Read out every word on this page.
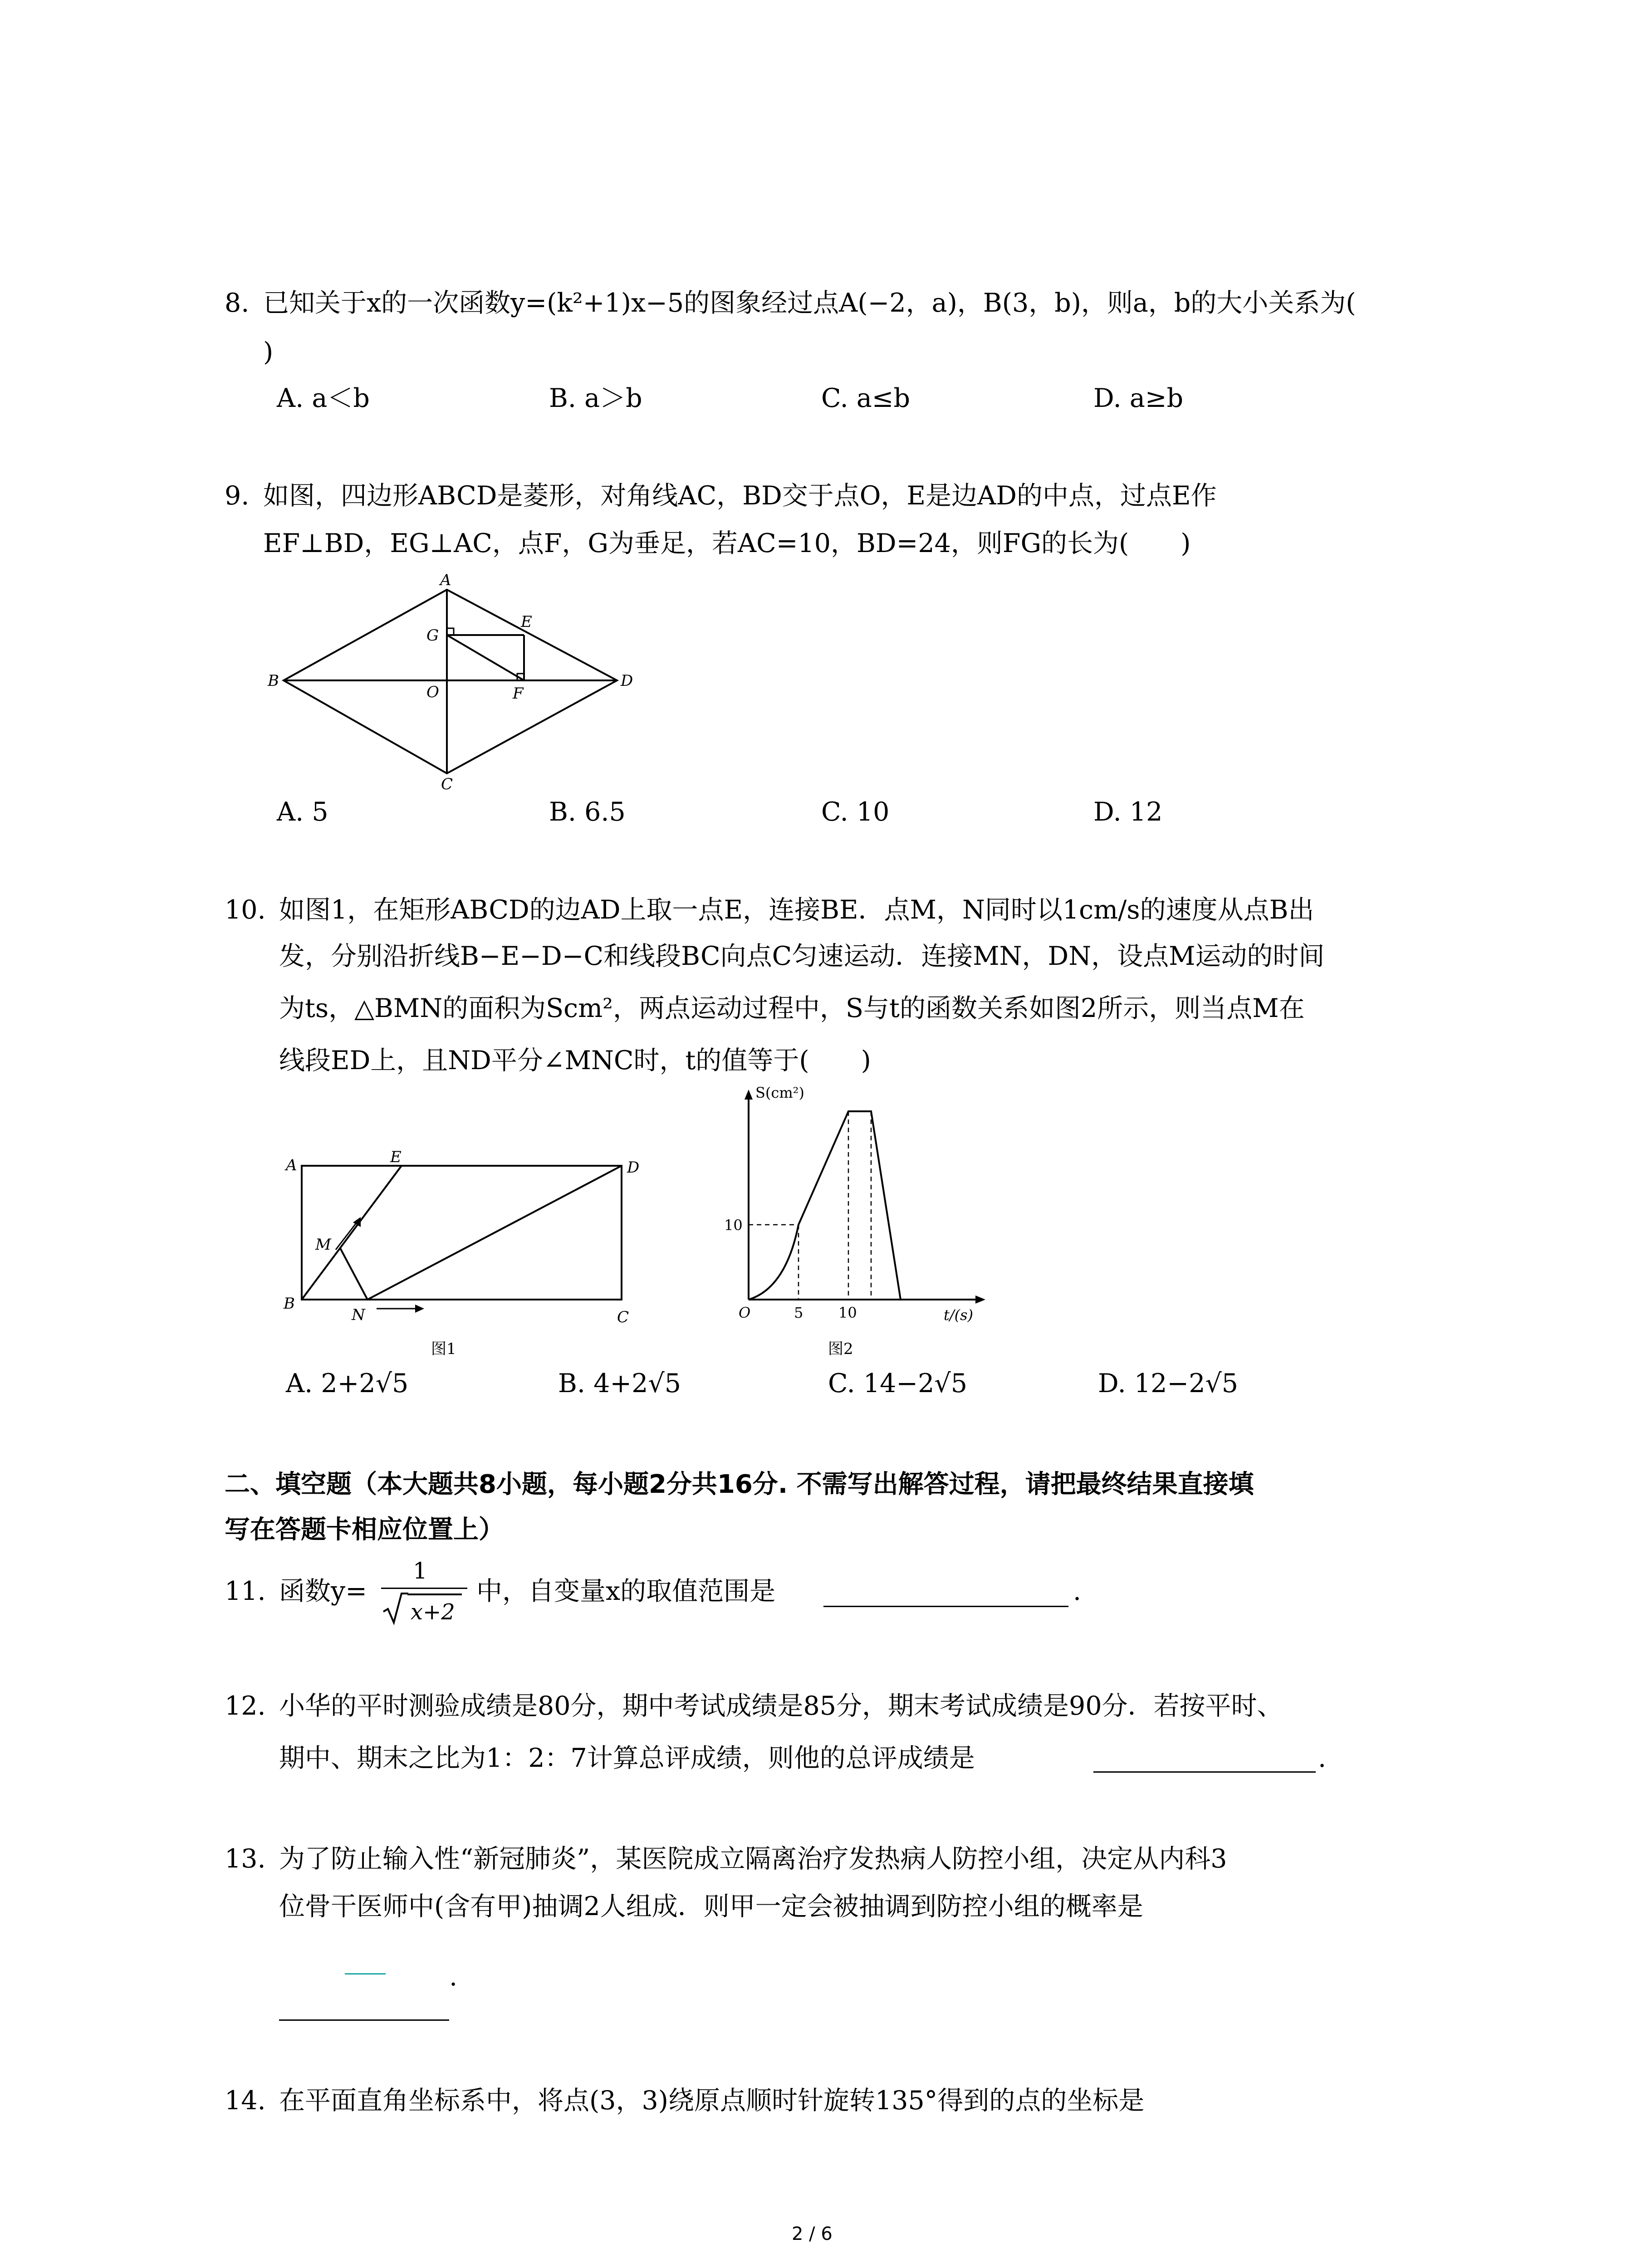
8. 已知关于x的一次函数y=(k²+1)x−5的图象经过点A(−2，a)，B(3，b)，则a，b的大小关系为(
)
A. a＜b	B. a＞b	C. a≤b	D. a≥b
9. 如图，四边形ABCD是菱形，对角线AC，BD交于点O，E是边AD的中点，过点E作
EF⊥BD，EG⊥AC，点F，G为垂足，若AC=10，BD=24，则FG的长为(　　)
A
B
C
D
E
F
G
O
A. 5	B. 6.5	C. 10	D. 12
10. 如图1，在矩形ABCD的边AD上取一点E，连接BE．点M，N同时以1cm/s的速度从点B出
发，分别沿折线B−E−D−C和线段BC向点C匀速运动．连接MN，DN，设点M运动的时间
为ts，△BMN的面积为Scm²，两点运动过程中，S与t的函数关系如图2所示，则当点M在
线段ED上，且ND平分∠MNC时，t的值等于(　　)
A
B
C
D
E
M
N
图1
S(cm²)
t/(s)
O
10
5 10
图2
A. 2+2√5	B. 4+2√5	C. 14−2√5	D. 12−2√5
二、填空题（本大题共8小题，每小题2分共16分. 不需写出解答过程，请把最终结果直接填
写在答题卡相应位置上）
11. 函数y=
1
x+2
中，自变量x的取值范围是	.
12. 小华的平时测验成绩是80分，期中考试成绩是85分，期末考试成绩是90分．若按平时、
期中、期末之比为1：2：7计算总评成绩，则他的总评成绩是	.
13. 为了防止输入性“新冠肺炎”，某医院成立隔离治疗发热病人防控小组，决定从内科3
位骨干医师中(含有甲)抽调2人组成．则甲一定会被抽调到防控小组的概率是
.
14. 在平面直角坐标系中，将点(3，3)绕原点顺时针旋转135°得到的点的坐标是
2 / 6
